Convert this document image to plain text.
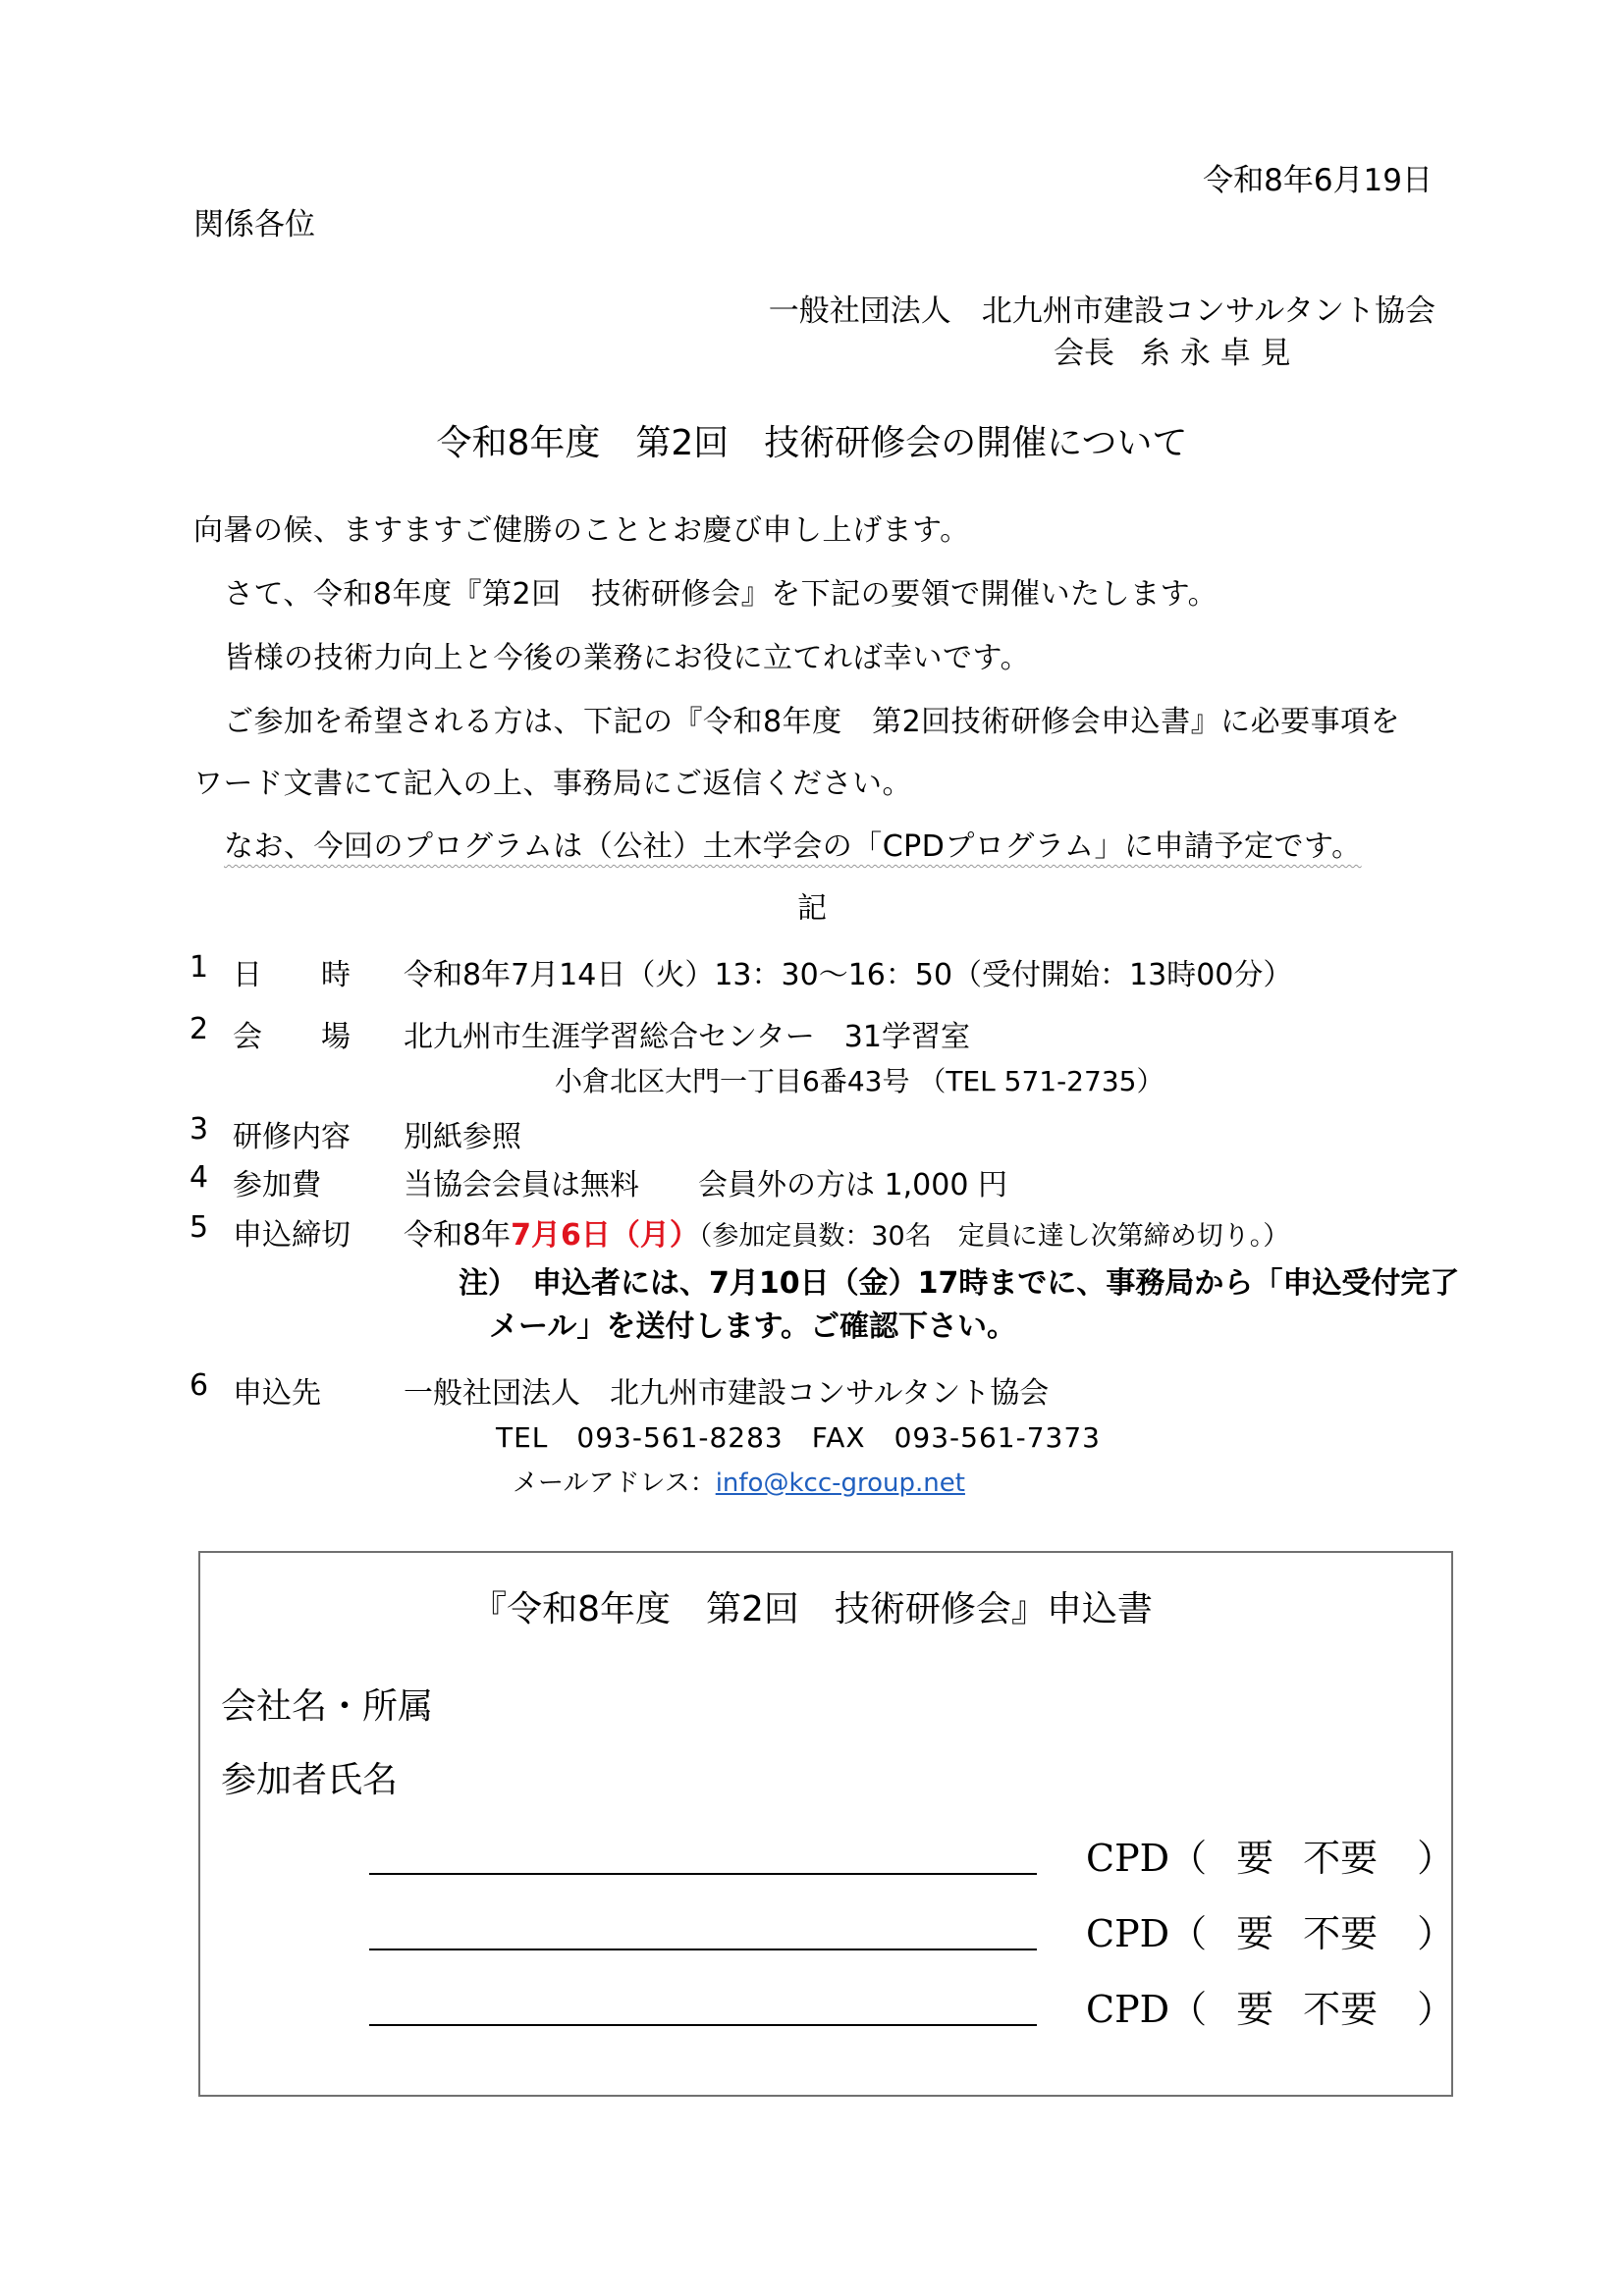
令和8年6月19日
関係各位
一般社団法人　北九州市建設コンサルタント協会
会長 糸 永 卓 見
令和8年度　第2回　技術研修会の開催について
向暑の候、ますますご健勝のこととお慶び申し上げます。
さて、令和8年度『第2回　技術研修会』を下記の要領で開催いたします。
皆様の技術力向上と今後の業務にお役に立てれば幸いです。
ご参加を希望される方は、下記の『令和8年度　第2回技術研修会申込書』に必要事項を
ワード文書にて記入の上、事務局にご返信ください。
なお、今回のプログラムは（公社）土木学会の「CPDプログラム」に申請予定です。
記
1 日　　時 令和8年7月14日（火）13：30～16：50（受付開始：13時00分）
2 会　　場 北九州市生涯学習総合センター　31学習室
小倉北区大門一丁目6番43号 （TEL 571-2735）
3 研修内容 別紙参照
4 参加費	当協会会員は無料　　会員外の方は 1,000 円
5 申込締切 令和8年7月6日（月）（参加定員数：30名　定員に達し次第締め切り。）
注）　申込者には、7月10日（金）17時までに、事務局から「申込受付完了
メール」を送付します。ご確認下さい。
6 申込先	一般社団法人　北九州市建設コンサルタント協会
TEL　093-561-8283　FAX　093-561-7373
メールアドレス：info@kcc-group.net
『令和8年度　第2回　技術研修会』申込書
会社名・所属
参加者氏名
CPD（ 要 不要 ）
CPD（ 要 不要 ）
CPD（ 要 不要 ）
